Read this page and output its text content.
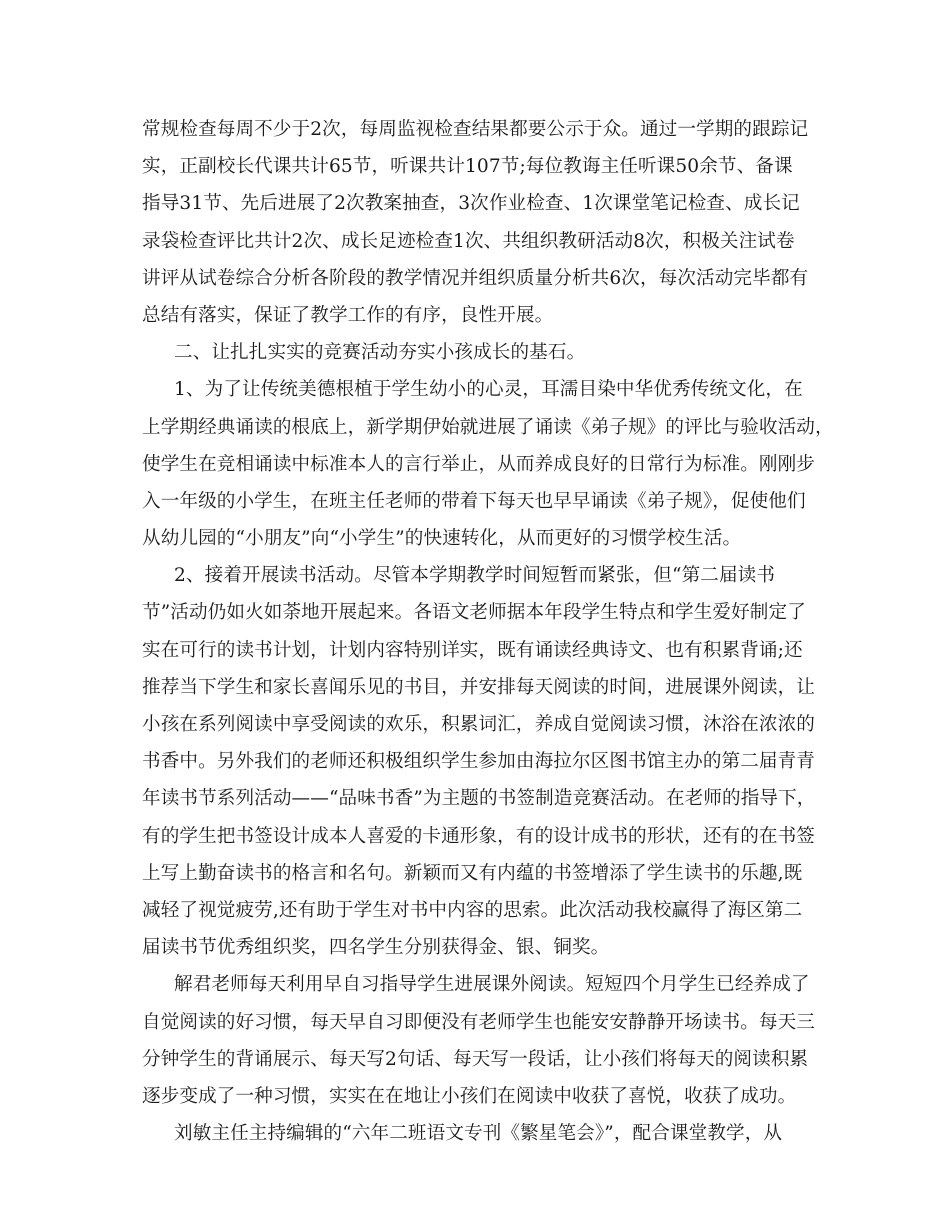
常规检查每周不少于2次，每周监视检查结果都要公示于众。通过一学期的跟踪记
实，正副校长代课共计65节，听课共计107节;每位教诲主任听课50余节、备课
指导31节、先后进展了2次教案抽查，3次作业检查、1次课堂笔记检查、成长记
录袋检查评比共计2次、成长足迹检查1次、共组织教研活动8次，积极关注试卷
讲评从试卷综合分析各阶段的教学情况并组织质量分析共6次，每次活动完毕都有
总结有落实，保证了教学工作的有序，良性开展。
二、让扎扎实实的竞赛活动夯实小孩成长的基石。
1、为了让传统美德根植于学生幼小的心灵，耳濡目染中华优秀传统文化，在
上学期经典诵读的根底上，新学期伊始就进展了诵读《弟子规》的评比与验收活动，
使学生在竞相诵读中标准本人的言行举止，从而养成良好的日常行为标准。刚刚步
入一年级的小学生，在班主任老师的带着下每天也早早诵读《弟子规》，促使他们
从幼儿园的“小朋友”向“小学生”的快速转化，从而更好的习惯学校生活。
2、接着开展读书活动。尽管本学期教学时间短暂而紧张，但“第二届读书
节”活动仍如火如荼地开展起来。各语文老师据本年段学生特点和学生爱好制定了
实在可行的读书计划，计划内容特别详实，既有诵读经典诗文、也有积累背诵;还
推荐当下学生和家长喜闻乐见的书目，并安排每天阅读的时间，进展课外阅读，让
小孩在系列阅读中享受阅读的欢乐，积累词汇，养成自觉阅读习惯，沐浴在浓浓的
书香中。另外我们的老师还积极组织学生参加由海拉尔区图书馆主办的第二届青青
年读书节系列活动——“品味书香”为主题的书签制造竞赛活动。在老师的指导下，
有的学生把书签设计成本人喜爱的卡通形象，有的设计成书的形状，还有的在书签
上写上勤奋读书的格言和名句。新颖而又有内蕴的书签增添了学生读书的乐趣,既
减轻了视觉疲劳,还有助于学生对书中内容的思索。此次活动我校赢得了海区第二
届读书节优秀组织奖，四名学生分别获得金、银、铜奖。
解君老师每天利用早自习指导学生进展课外阅读。短短四个月学生已经养成了
自觉阅读的好习惯，每天早自习即便没有老师学生也能安安静静开场读书。每天三
分钟学生的背诵展示、每天写2句话、每天写一段话，让小孩们将每天的阅读积累
逐步变成了一种习惯，实实在在地让小孩们在阅读中收获了喜悦，收获了成功。
刘敏主任主持编辑的“六年二班语文专刊《繁星笔会》”，配合课堂教学，从
